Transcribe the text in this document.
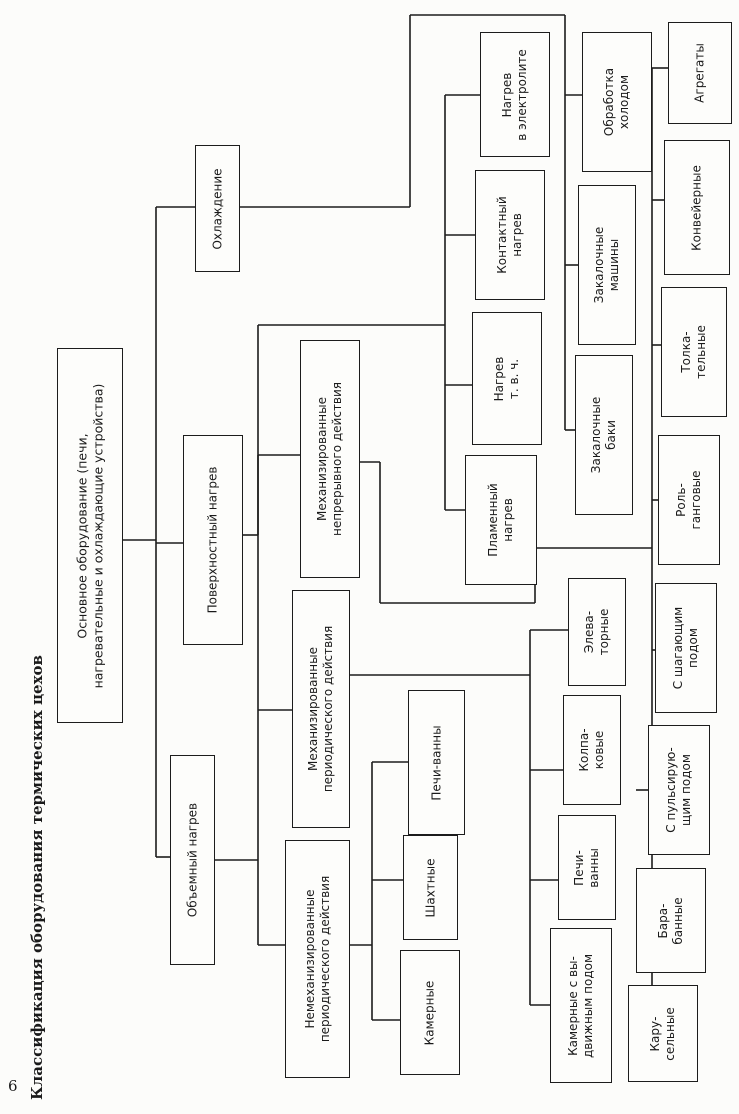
Классификация оборудования термических цехов
Основное оборудование (печи,
нагревательные и охлаждающие устройства)
Охлаждение
Поверхностный нагрев
Объемный нагрев
Механизированные
непрерывного действия
Механизированные
периодического действия
Немеханизированные
периодического действия
Печи-ванны
Шахтные
Камерные
Нагрев
в электролите
Контактный
нагрев
Нагрев
т. в. ч.
Пламенный
нагрев
Обработка
холодом
Закалочные
машины
Закалочные
баки
Элева-
торные
Колпа-
ковые
Печи-
ванны
Камерные с вы-
движным подом
Агрегаты
Конвейерные
Толка-
тельные
Роль-
ганговые
С шагающим
подом
С пульсирую-
щим подом
Бара-
банные
Кару-
сельные
6
